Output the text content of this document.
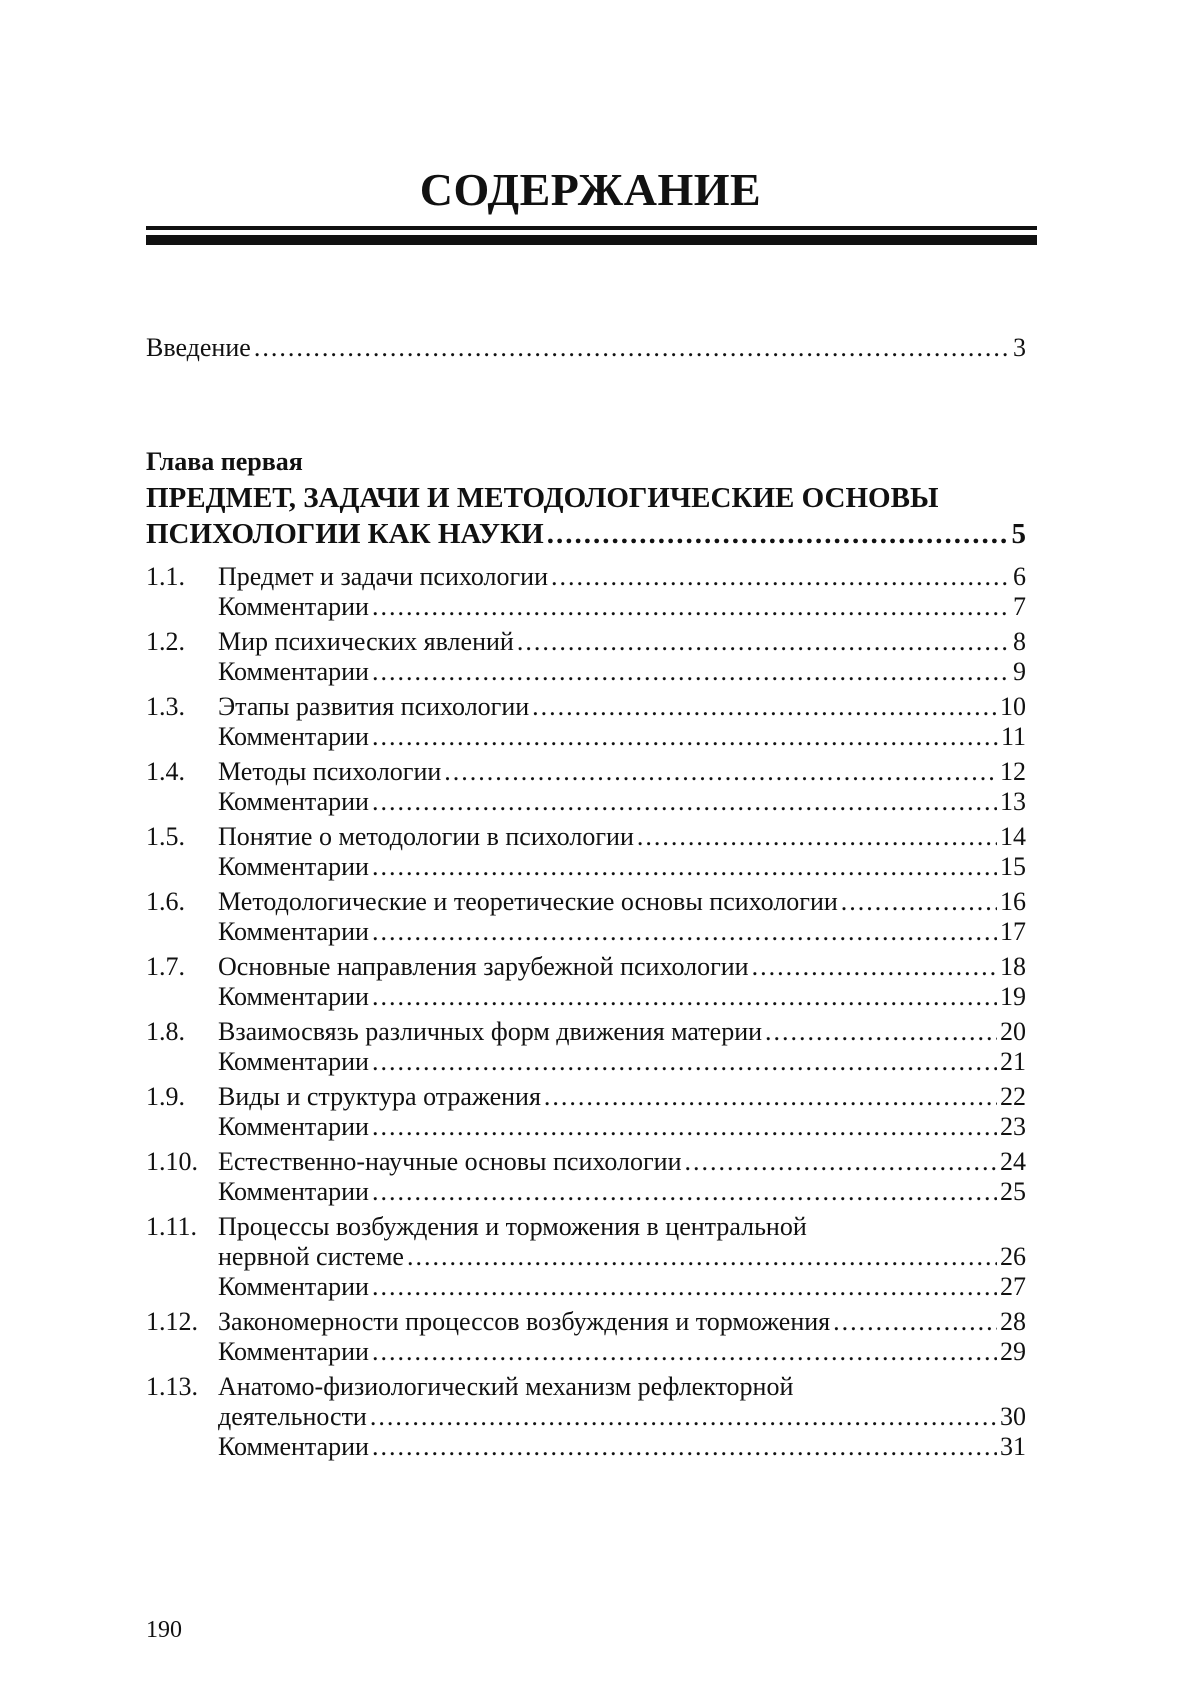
СОДЕРЖАНИЕ
Введение .....	3
Глава первая
ПРЕДМЕТ, ЗАДАЧИ И МЕТОДОЛОГИЧЕСКИЕ ОСНОВЫ
ПСИХОЛОГИИ КАК НАУКИ .....	5
1.1.	Предмет и задачи психологии .....	6
Комментарии .....	7
1.2.	Мир психических явлений .....	8
Комментарии .....	9
1.3.	Этапы развития психологии .....	10
Комментарии .....	11
1.4.	Методы психологии .....	12
Комментарии .....	13
1.5.	Понятие о методологии в психологии .....	14
Комментарии .....	15
1.6.	Методологические и теоретические основы психологии .....	16
Комментарии .....	17
1.7.	Основные направления зарубежной психологии .....	18
Комментарии .....	19
1.8.	Взаимосвязь различных форм движения материи .....	20
Комментарии .....	21
1.9.	Виды и структура отражения .....	22
Комментарии .....	23
1.10. Естественно-научные основы психологии .....	24
Комментарии .....	25
1.11. Процессы возбуждения и торможения в центральной
нервной системе .....	26
Комментарии .....	27
1.12. Закономерности процессов возбуждения и торможения .....	28
Комментарии .....	29
1.13. Анатомо-физиологический механизм рефлекторной
деятельности .....	30
Комментарии .....	31
190
